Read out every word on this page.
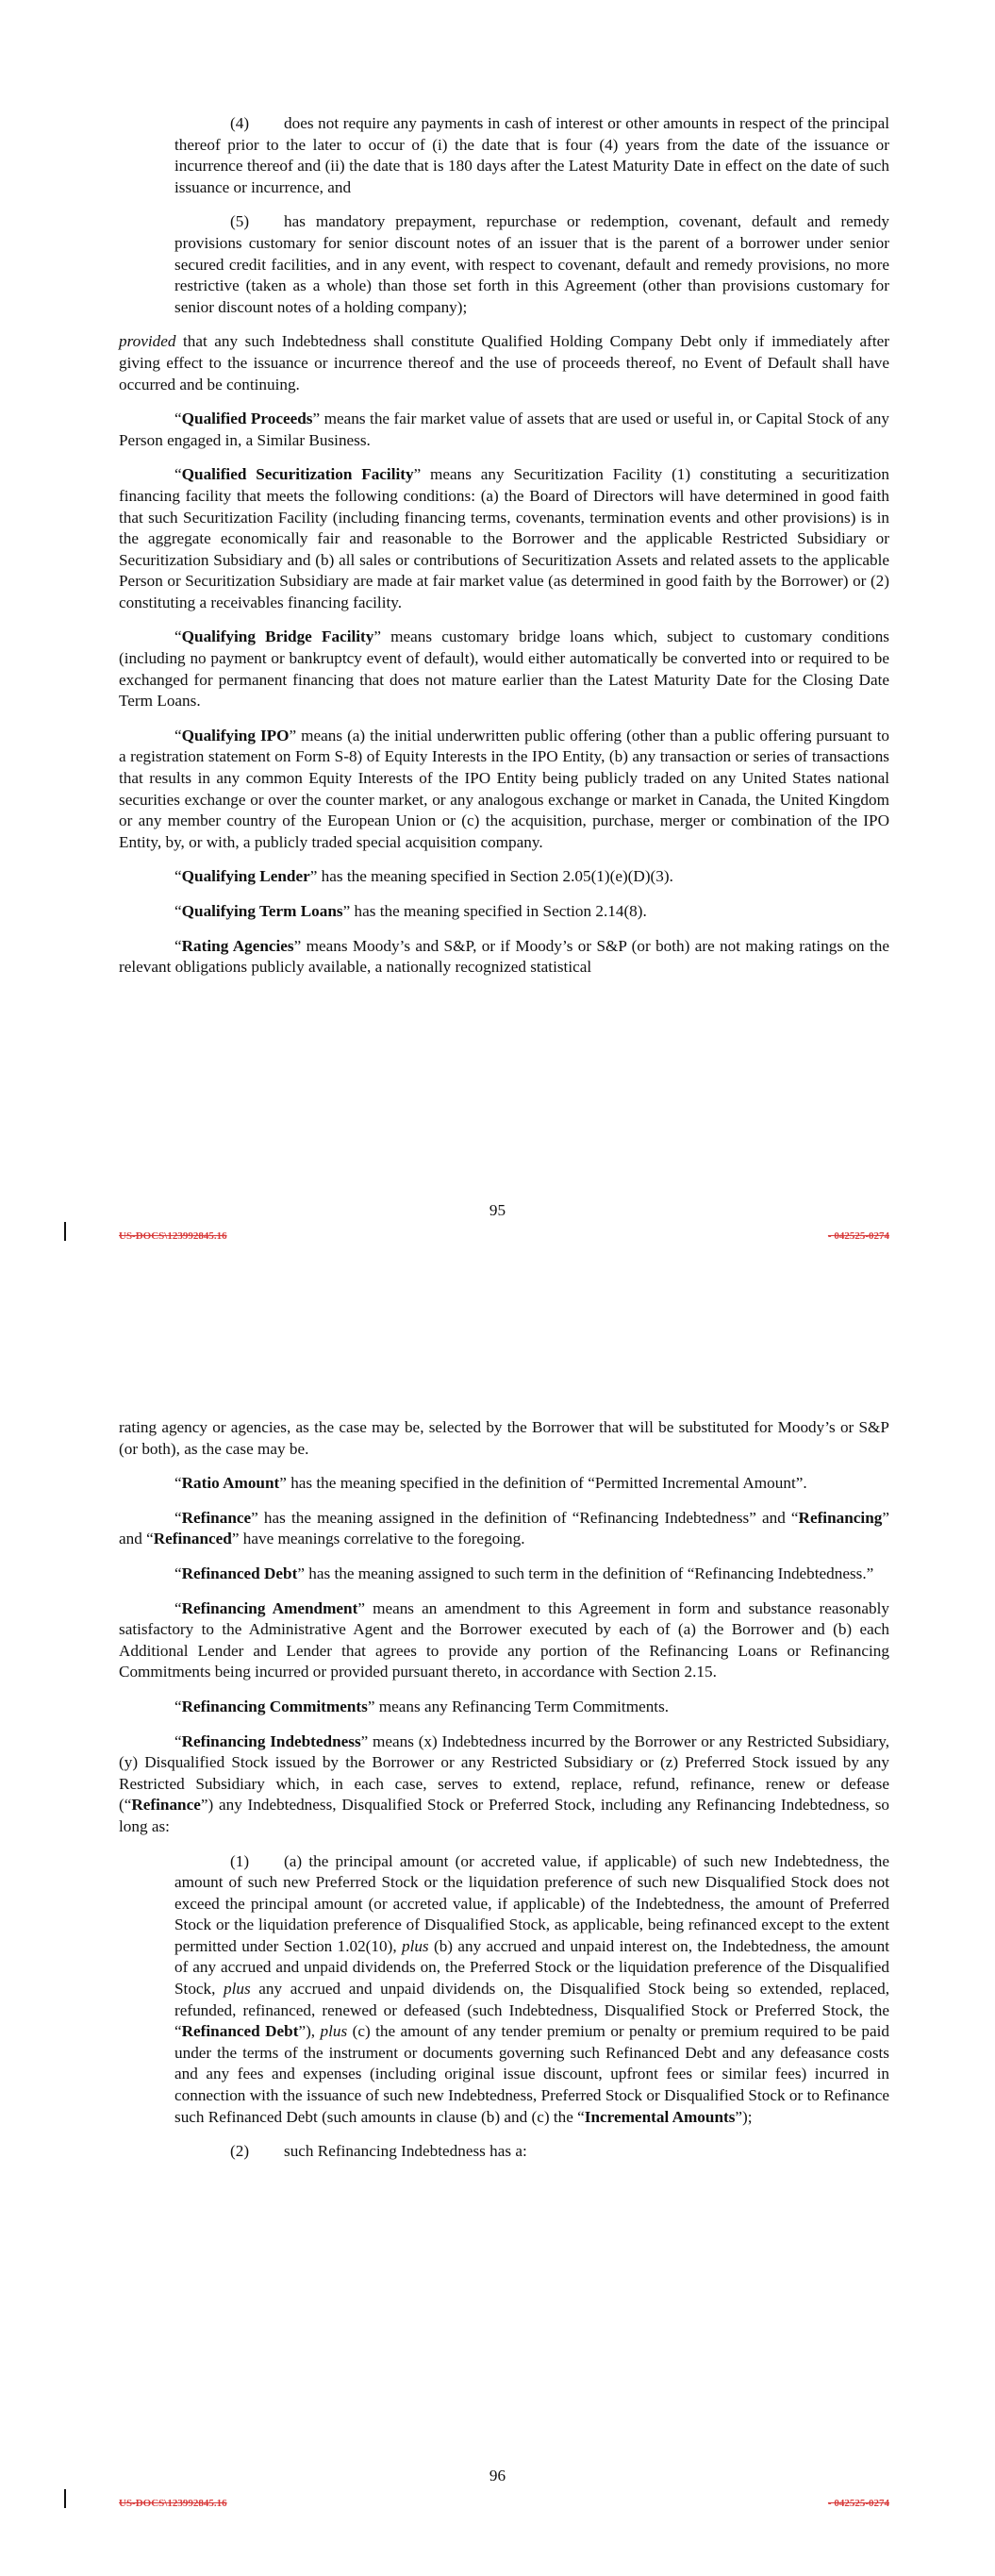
(4) does not require any payments in cash of interest or other amounts in respect of the principal thereof prior to the later to occur of (i) the date that is four (4) years from the date of the issuance or incurrence thereof and (ii) the date that is 180 days after the Latest Maturity Date in effect on the date of such issuance or incurrence, and

(5) has mandatory prepayment, repurchase or redemption, covenant, default and remedy provisions customary for senior discount notes of an issuer that is the parent of a borrower under senior secured credit facilities, and in any event, with respect to covenant, default and remedy provisions, no more restrictive (taken as a whole) than those set forth in this Agreement (other than provisions customary for senior discount notes of a holding company);

provided that any such Indebtedness shall constitute Qualified Holding Company Debt only if immediately after giving effect to the issuance or incurrence thereof and the use of proceeds thereof, no Event of Default shall have occurred and be continuing.

“Qualified Proceeds” means the fair market value of assets that are used or useful in, or Capital Stock of any Person engaged in, a Similar Business.

“Qualified Securitization Facility” means any Securitization Facility (1) constituting a securitization financing facility that meets the following conditions: (a) the Board of Directors will have determined in good faith that such Securitization Facility (including financing terms, covenants, termination events and other provisions) is in the aggregate economically fair and reasonable to the Borrower and the applicable Restricted Subsidiary or Securitization Subsidiary and (b) all sales or contributions of Securitization Assets and related assets to the applicable Person or Securitization Subsidiary are made at fair market value (as determined in good faith by the Borrower) or (2) constituting a receivables financing facility.

“Qualifying Bridge Facility” means customary bridge loans which, subject to customary conditions (including no payment or bankruptcy event of default), would either automatically be converted into or required to be exchanged for permanent financing that does not mature earlier than the Latest Maturity Date for the Closing Date Term Loans.

“Qualifying IPO” means (a) the initial underwritten public offering (other than a public offering pursuant to a registration statement on Form S-8) of Equity Interests in the IPO Entity, (b) any transaction or series of transactions that results in any common Equity Interests of the IPO Entity being publicly traded on any United States national securities exchange or over the counter market, or any analogous exchange or market in Canada, the United Kingdom or any member country of the European Union or (c) the acquisition, purchase, merger or combination of the IPO Entity, by, or with, a publicly traded special acquisition company.

“Qualifying Lender” has the meaning specified in Section 2.05(1)(e)(D)(3).

“Qualifying Term Loans” has the meaning specified in Section 2.14(8).

“Rating Agencies” means Moody’s and S&P, or if Moody’s or S&P (or both) are not making ratings on the relevant obligations publicly available, a nationally recognized statistical

95
US-DOCS\123992845.16	- 042525-0274

rating agency or agencies, as the case may be, selected by the Borrower that will be substituted for Moody’s or S&P (or both), as the case may be.

“Ratio Amount” has the meaning specified in the definition of “Permitted Incremental Amount”.

“Refinance” has the meaning assigned in the definition of “Refinancing Indebtedness” and “Refinancing” and “Refinanced” have meanings correlative to the foregoing.

“Refinanced Debt” has the meaning assigned to such term in the definition of “Refinancing Indebtedness.”

“Refinancing Amendment” means an amendment to this Agreement in form and substance reasonably satisfactory to the Administrative Agent and the Borrower executed by each of (a) the Borrower and (b) each Additional Lender and Lender that agrees to provide any portion of the Refinancing Loans or Refinancing Commitments being incurred or provided pursuant thereto, in accordance with Section 2.15.

“Refinancing Commitments” means any Refinancing Term Commitments.

“Refinancing Indebtedness” means (x) Indebtedness incurred by the Borrower or any Restricted Subsidiary, (y) Disqualified Stock issued by the Borrower or any Restricted Subsidiary or (z) Preferred Stock issued by any Restricted Subsidiary which, in each case, serves to extend, replace, refund, refinance, renew or defease (“Refinance”) any Indebtedness, Disqualified Stock or Preferred Stock, including any Refinancing Indebtedness, so long as:

(1) (a) the principal amount (or accreted value, if applicable) of such new Indebtedness, the amount of such new Preferred Stock or the liquidation preference of such new Disqualified Stock does not exceed the principal amount (or accreted value, if applicable) of the Indebtedness, the amount of Preferred Stock or the liquidation preference of Disqualified Stock, as applicable, being refinanced except to the extent permitted under Section 1.02(10), plus (b) any accrued and unpaid interest on, the Indebtedness, the amount of any accrued and unpaid dividends on, the Preferred Stock or the liquidation preference of the Disqualified Stock, plus any accrued and unpaid dividends on, the Disqualified Stock being so extended, replaced, refunded, refinanced, renewed or defeased (such Indebtedness, Disqualified Stock or Preferred Stock, the “Refinanced Debt”), plus (c) the amount of any tender premium or penalty or premium required to be paid under the terms of the instrument or documents governing such Refinanced Debt and any defeasance costs and any fees and expenses (including original issue discount, upfront fees or similar fees) incurred in connection with the issuance of such new Indebtedness, Preferred Stock or Disqualified Stock or to Refinance such Refinanced Debt (such amounts in clause (b) and (c) the “Incremental Amounts”);

(2) such Refinancing Indebtedness has a:

96
US-DOCS\123992845.16	- 042525-0274
